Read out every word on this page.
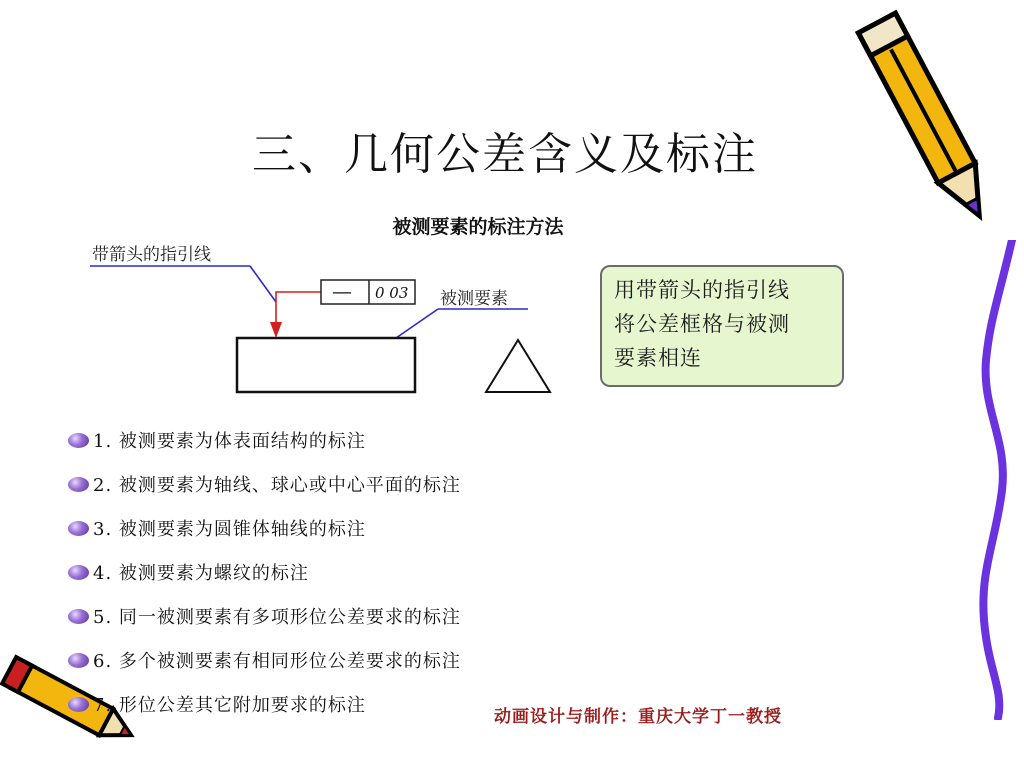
三、几何公差含义及标注
被测要素的标注方法
带箭头的指引线
— 0 03 被测要素	用带箭头的指引线
将公差框格与被测
要素相连
1. 被测要素为体表面结构的标注
2. 被测要素为轴线、球心或中心平面的标注
3. 被测要素为圆锥体轴线的标注
4. 被测要素为螺纹的标注
5. 同一被测要素有多项形位公差要求的标注
6. 多个被测要素有相同形位公差要求的标注
7. 形位公差其它附加要求的标注
动画设计与制作：重庆大学丁一教授
